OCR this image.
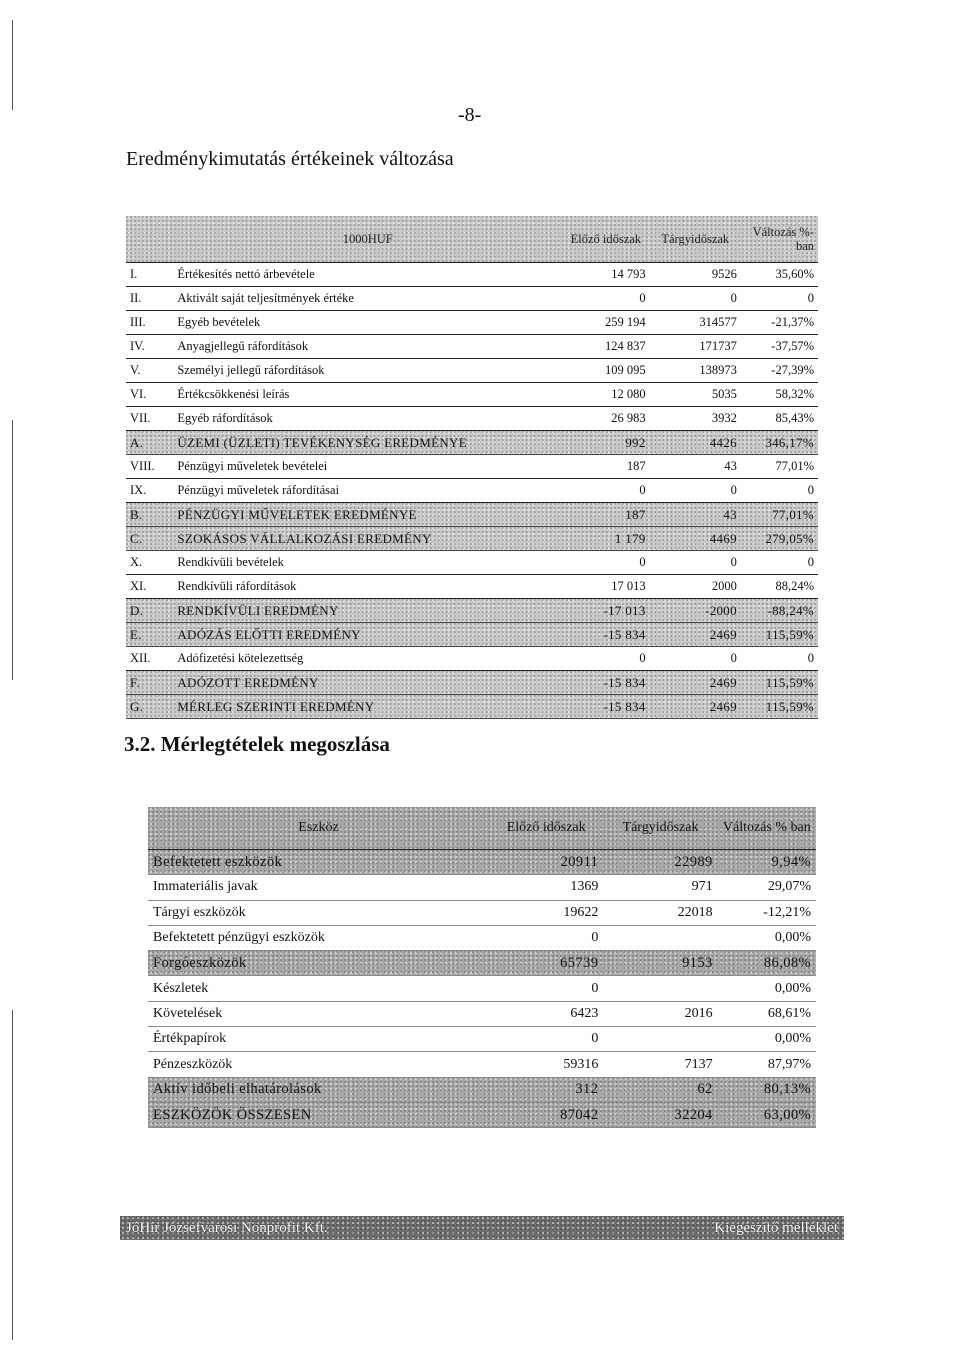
-8-
Eredménykimutatás értékeinek változása
	1000HUF	Előző időszak	Tárgyidőszak	Változás %-ban
I.	Értékesítés nettó árbevétele	14 793	9526	35,60%
II.	Aktivált saját teljesítmények értéke	0	0	0
III.	Egyéb bevételek	259 194	314577	-21,37%
IV.	Anyagjellegű ráfordítások	124 837	171737	-37,57%
V.	Személyi jellegű ráfordítások	109 095	138973	-27,39%
VI.	Értékcsökkenési leírás	12 080	5035	58,32%
VII.	Egyéb ráfordítások	26 983	3932	85,43%
A.	ÜZEMI (ÜZLETI) TEVÉKENYSÉG EREDMÉNYE	992	4426	346,17%
VIII.	Pénzügyi műveletek bevételei	187	43	77,01%
IX.	Pénzügyi műveletek ráfordításai	0	0	0
B.	PÉNZÜGYI MŰVELETEK EREDMÉNYE	187	43	77,01%
C.	SZOKÁSOS VÁLLALKOZÁSI EREDMÉNY	1 179	4469	279,05%
X.	Rendkívüli bevételek	0	0	0
XI.	Rendkívüli ráfordítások	17 013	2000	88,24%
D.	RENDKÍVÜLI EREDMÉNY	-17 013	-2000	-88,24%
E.	ADÓZÁS ELŐTTI EREDMÉNY	-15 834	2469	115,59%
XII.	Adófizetési kötelezettség	0	0	0
F.	ADÓZOTT EREDMÉNY	-15 834	2469	115,59%
G.	MÉRLEG SZERINTI EREDMÉNY	-15 834	2469	115,59%
3.2. Mérlegtételek megoszlása
Eszköz	Előző időszak	Tárgyidőszak	Változás % ban
Befektetett eszközök	20911	22989	9,94%
Immateriális javak	1369	971	29,07%
Tárgyi eszközök	19622	22018	-12,21%
Befektetett pénzügyi eszközök	0		0,00%
Forgóeszközök	65739	9153	86,08%
Készletek	0		0,00%
Követelések	6423	2016	68,61%
Értékpapírok	0		0,00%
Pénzeszközök	59316	7137	87,97%
Aktív időbeli elhatárolások	312	62	80,13%
ESZKÖZÖK ÖSSZESEN	87042	32204	63,00%
JóHír Józsefvárosi Nonprofit Kft.	Kiegészítő melléklet
